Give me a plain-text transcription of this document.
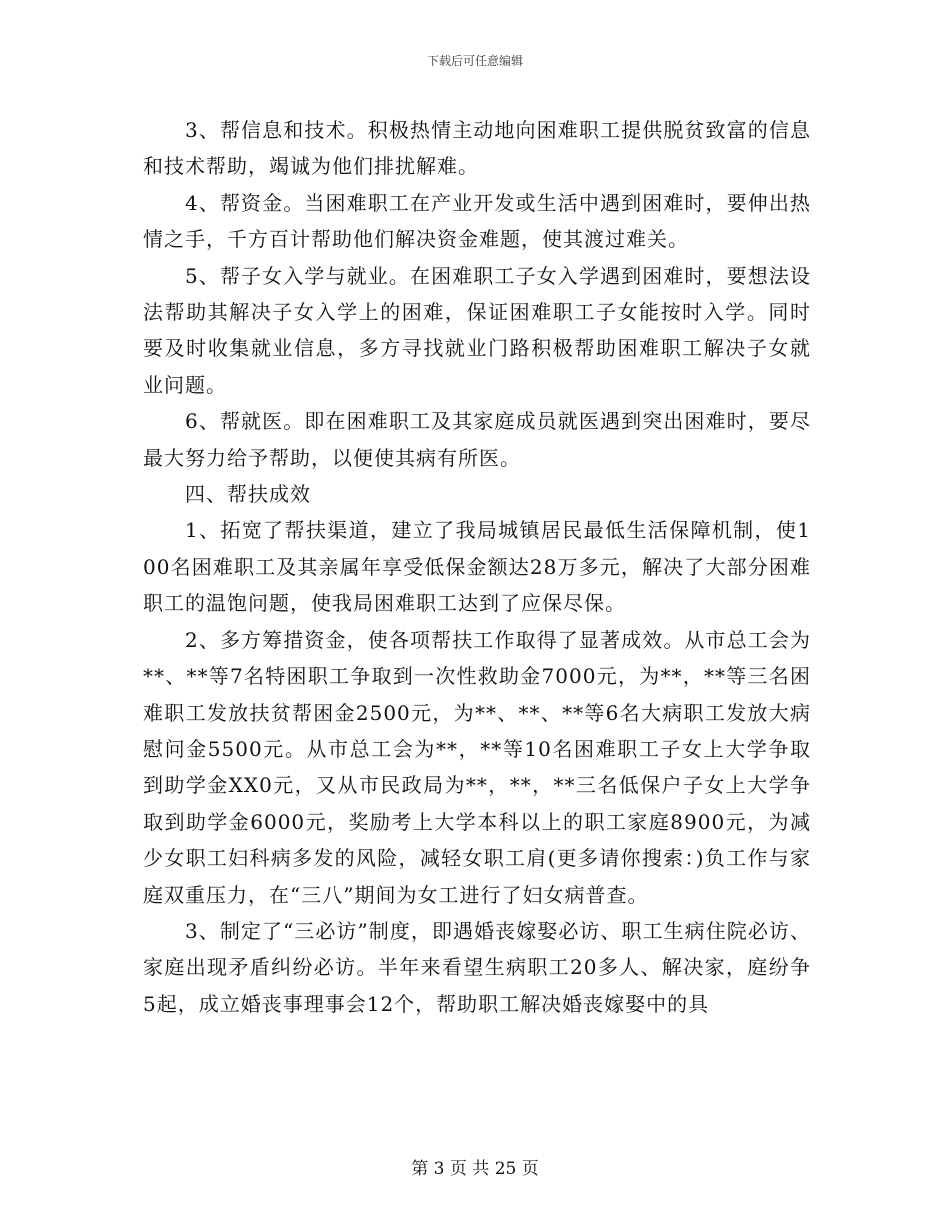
下载后可任意编辑

3、帮信息和技术。积极热情主动地向困难职工提供脱贫致富的信息和技术帮助，竭诚为他们排扰解难。

4、帮资金。当困难职工在产业开发或生活中遇到困难时，要伸出热情之手，千方百计帮助他们解决资金难题，使其渡过难关。

5、帮子女入学与就业。在困难职工子女入学遇到困难时，要想法设法帮助其解决子女入学上的困难，保证困难职工子女能按时入学。同时要及时收集就业信息，多方寻找就业门路积极帮助困难职工解决子女就业问题。

6、帮就医。即在困难职工及其家庭成员就医遇到突出困难时，要尽最大努力给予帮助，以便使其病有所医。

四、帮扶成效

1、拓宽了帮扶渠道，建立了我局城镇居民最低生活保障机制，使100名困难职工及其亲属年享受低保金额达28万多元，解决了大部分困难职工的温饱问题，使我局困难职工达到了应保尽保。

2、多方筹措资金，使各项帮扶工作取得了显著成效。从市总工会为**、**等7名特困职工争取到一次性救助金7000元，为**，**等三名困难职工发放扶贫帮困金2500元，为**、**、**等6名大病职工发放大病慰问金5500元。从市总工会为**，**等10名困难职工子女上大学争取到助学金XX0元，又从市民政局为**，**，**三名低保户子女上大学争取到助学金6000元，奖励考上大学本科以上的职工家庭8900元，为减少女职工妇科病多发的风险，减轻女职工肩(更多请你搜索：)负工作与家庭双重压力，在“三八”期间为女工进行了妇女病普查。

3、制定了“三必访”制度，即遇婚丧嫁娶必访、职工生病住院必访、家庭出现矛盾纠纷必访。半年来看望生病职工20多人、解决家，庭纷争5起，成立婚丧事理事会12个，帮助职工解决婚丧嫁娶中的具

第 3 页 共 25 页
